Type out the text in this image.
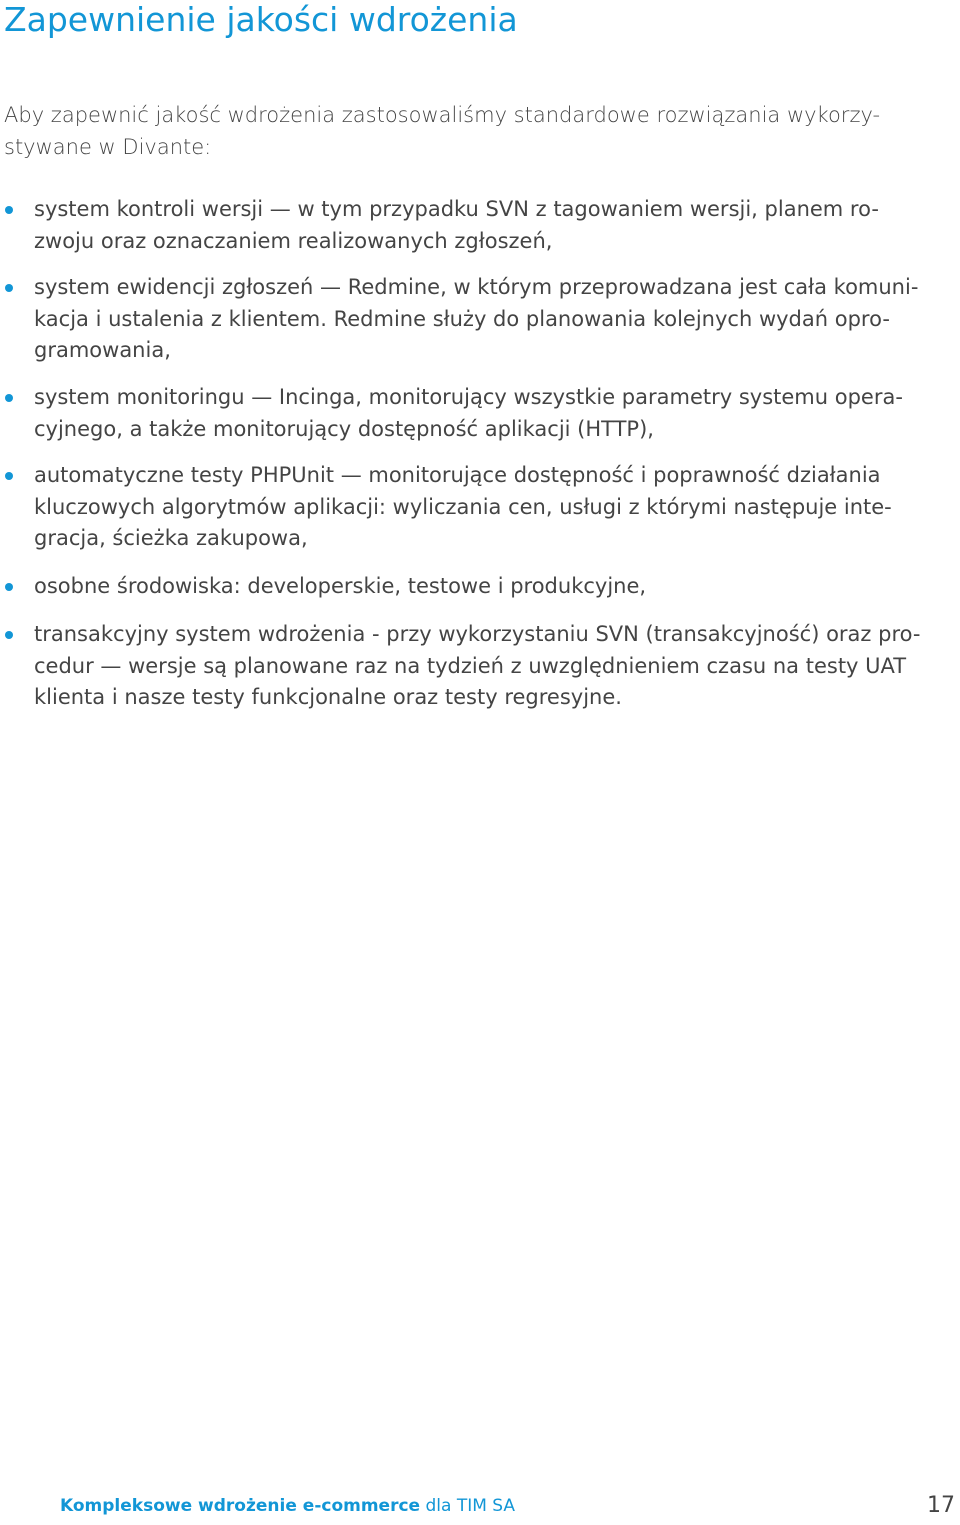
Zapewnienie jakości wdrożenia

Aby zapewnić jakość wdrożenia zastosowaliśmy standardowe rozwiązania wykorzy-
stywane w Divante:

system kontroli wersji — w tym przypadku SVN z tagowaniem wersji, planem ro-
zwoju oraz oznaczaniem realizowanych zgłoszeń,
system ewidencji zgłoszeń — Redmine, w którym przeprowadzana jest cała komuni-
kacja i ustalenia z klientem. Redmine służy do planowania kolejnych wydań opro-
gramowania,
system monitoringu — Incinga, monitorujący wszystkie parametry systemu opera-
cyjnego, a także monitorujący dostępność aplikacji (HTTP),
automatyczne testy PHPUnit — monitorujące dostępność i poprawność działania
kluczowych algorytmów aplikacji: wyliczania cen, usługi z którymi następuje inte-
gracja, ścieżka zakupowa,
osobne środowiska: developerskie, testowe i produkcyjne,
transakcyjny system wdrożenia - przy wykorzystaniu SVN (transakcyjność) oraz pro-
cedur — wersje są planowane raz na tydzień z uwzględnieniem czasu na testy UAT
klienta i nasze testy funkcjonalne oraz testy regresyjne.
Kompleksowe wdrożenie e-commerce dla TIM SA	17
